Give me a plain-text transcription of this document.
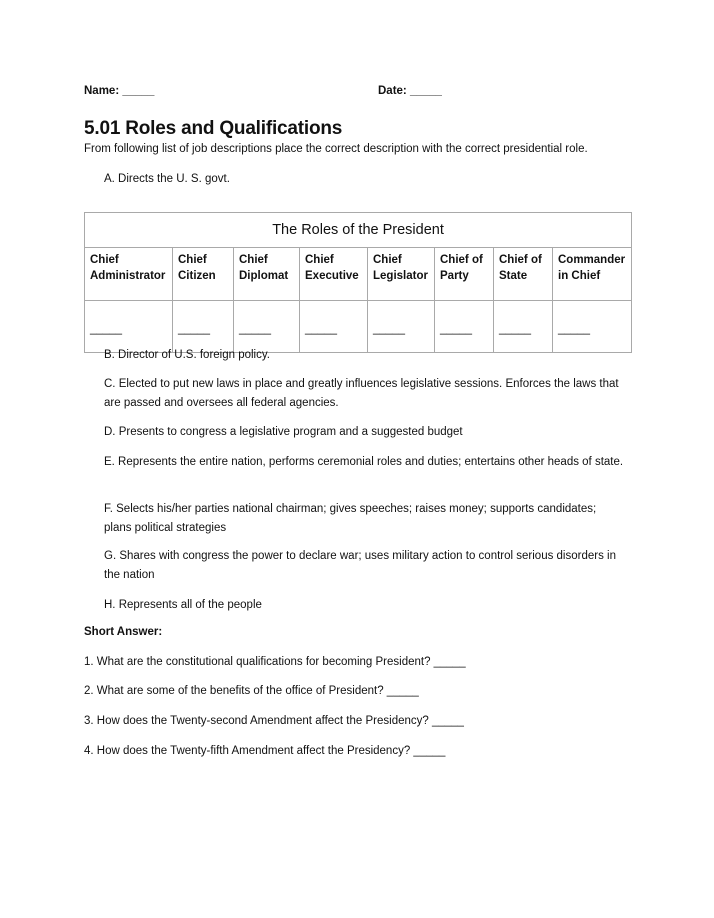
Name: _____	Date: _____
5.01 Roles and Qualifications
From following list of job descriptions place the correct description with the correct presidential role.
A. Directs the U. S. govt.
The Roles of the President							
Chief Administrator	Chief Citizen	Chief Diplomat	Chief Executive	Chief Legislator	Chief of Party	Chief of State	Commander in Chief
_____	_____	_____	_____	_____	_____	_____	_____
B. Director of U.S. foreign policy.
C. Elected to put new laws in place and greatly influences legislative sessions. Enforces the laws that are passed and oversees all federal agencies.
D. Presents to congress a legislative program and a suggested budget
E. Represents the entire nation, performs ceremonial roles and duties; entertains other heads of state.
F. Selects his/her parties national chairman; gives speeches; raises money; supports candidates; plans political strategies
G. Shares with congress the power to declare war; uses military action to control serious disorders in the nation
H. Represents all of the people
Short Answer:
1. What are the constitutional qualifications for becoming President? _____
2. What are some of the benefits of the office of President? _____
3. How does the Twenty-second Amendment affect the Presidency? _____
4. How does the Twenty-fifth Amendment affect the Presidency? _____
